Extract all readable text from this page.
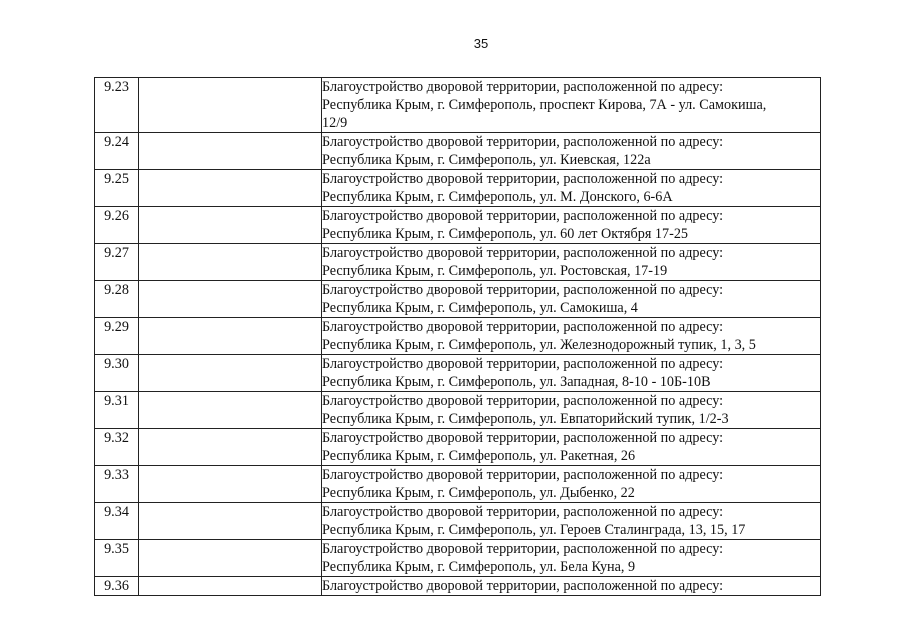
35
9.23		Благоустройство дворовой территории, расположенной по адресу:
Республика Крым, г. Симферополь, проспект Кирова, 7А - ул. Самокиша,
12/9

9.24		Благоустройство дворовой территории, расположенной по адресу:
Республика Крым, г. Симферополь, ул. Киевская, 122а

9.25		Благоустройство дворовой территории, расположенной по адресу:
Республика Крым, г. Симферополь, ул. М. Донского, 6-6А

9.26		Благоустройство дворовой территории, расположенной по адресу:
Республика Крым, г. Симферополь, ул. 60 лет Октября 17-25

9.27		Благоустройство дворовой территории, расположенной по адресу:
Республика Крым, г. Симферополь, ул. Ростовская, 17-19

9.28		Благоустройство дворовой территории, расположенной по адресу:
Республика Крым, г. Симферополь, ул. Самокиша, 4

9.29		Благоустройство дворовой территории, расположенной по адресу:
Республика Крым, г. Симферополь, ул. Железнодорожный тупик, 1, 3, 5

9.30		Благоустройство дворовой территории, расположенной по адресу:
Республика Крым, г. Симферополь, ул. Западная, 8-10 - 10Б-10В

9.31		Благоустройство дворовой территории, расположенной по адресу:
Республика Крым, г. Симферополь, ул. Евпаторийский тупик, 1/2-3

9.32		Благоустройство дворовой территории, расположенной по адресу:
Республика Крым, г. Симферополь, ул. Ракетная, 26

9.33		Благоустройство дворовой территории, расположенной по адресу:
Республика Крым, г. Симферополь, ул. Дыбенко, 22

9.34		Благоустройство дворовой территории, расположенной по адресу:
Республика Крым, г. Симферополь, ул. Героев Сталинграда, 13, 15, 17

9.35		Благоустройство дворовой территории, расположенной по адресу:
Республика Крым, г. Симферополь, ул. Бела Куна, 9

9.36		Благоустройство дворовой территории, расположенной по адресу:
